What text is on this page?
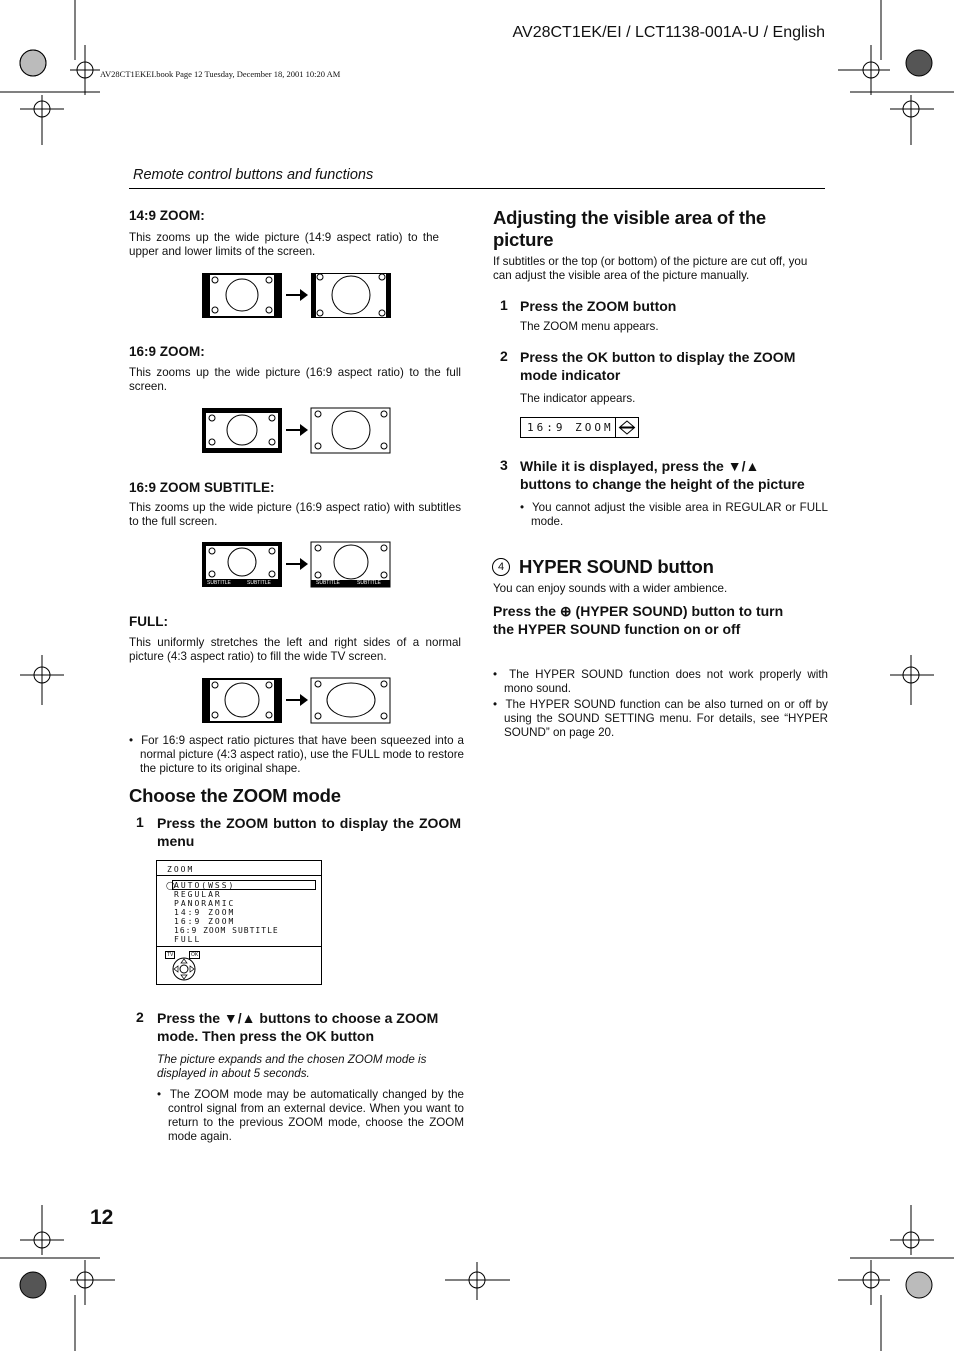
AV28CT1EK/EI / LCT1138-001A-U / English
AV28CT1EKEI.book Page 12 Tuesday, December 18, 2001 10:20 AM
Remote control buttons and functions
14:9 ZOOM:
This zooms up the wide picture (14:9 aspect ratio) to the upper and lower limits of the screen.
16:9 ZOOM:
This zooms up the wide picture (16:9 aspect ratio) to the full screen.
16:9 ZOOM SUBTITLE:
This zooms up the wide picture (16:9 aspect ratio) with subtitles to the full screen.
SUBTITLE	SUBTITLE	SUBTITLE	SUBTITLE
FULL:
This uniformly stretches the left and right sides of a normal picture (4:3 aspect ratio) to fill the wide TV screen.
•  For 16:9 aspect ratio pictures that have been squeezed into a normal picture (4:3 aspect ratio), use the FULL mode to restore the picture to its original shape.
Choose the ZOOM mode
1 Press the ZOOM button to display the ZOOM menu
ZOOM
◯ AUTO(WSS)
REGULAR
PANORAMIC
14:9 ZOOM
16:9 ZOOM
16:9 ZOOM SUBTITLE
FULL
TV	OK
2 Press the ▼/▲ buttons to choose a ZOOM mode. Then press the OK button
The picture expands and the chosen ZOOM mode is displayed in about 5 seconds.
•  The ZOOM mode may be automatically changed by the control signal from an external device. When you want to return to the previous ZOOM mode, choose the ZOOM mode again.
Adjusting the visible area of the
picture
If subtitles or the top (or bottom) of the picture are cut off, you can adjust the visible area of the picture manually.
1 Press the ZOOM button
The ZOOM menu appears.
2 Press the OK button to display the ZOOM
mode indicator
The indicator appears.
16:9 ZOOM
3 While it is displayed, press the ▼/▲
buttons to change the height of the picture
•  You cannot adjust the visible area in REGULAR or FULL mode.
4 HYPER SOUND button
You can enjoy sounds with a wider ambience.
Press the ⊕ (HYPER SOUND) button to turn
the HYPER SOUND function on or off
•  The HYPER SOUND function does not work properly with mono sound.
•  The HYPER SOUND function can be also turned on or off by using the SOUND SETTING menu. For details, see “HYPER SOUND” on page 20.
12
